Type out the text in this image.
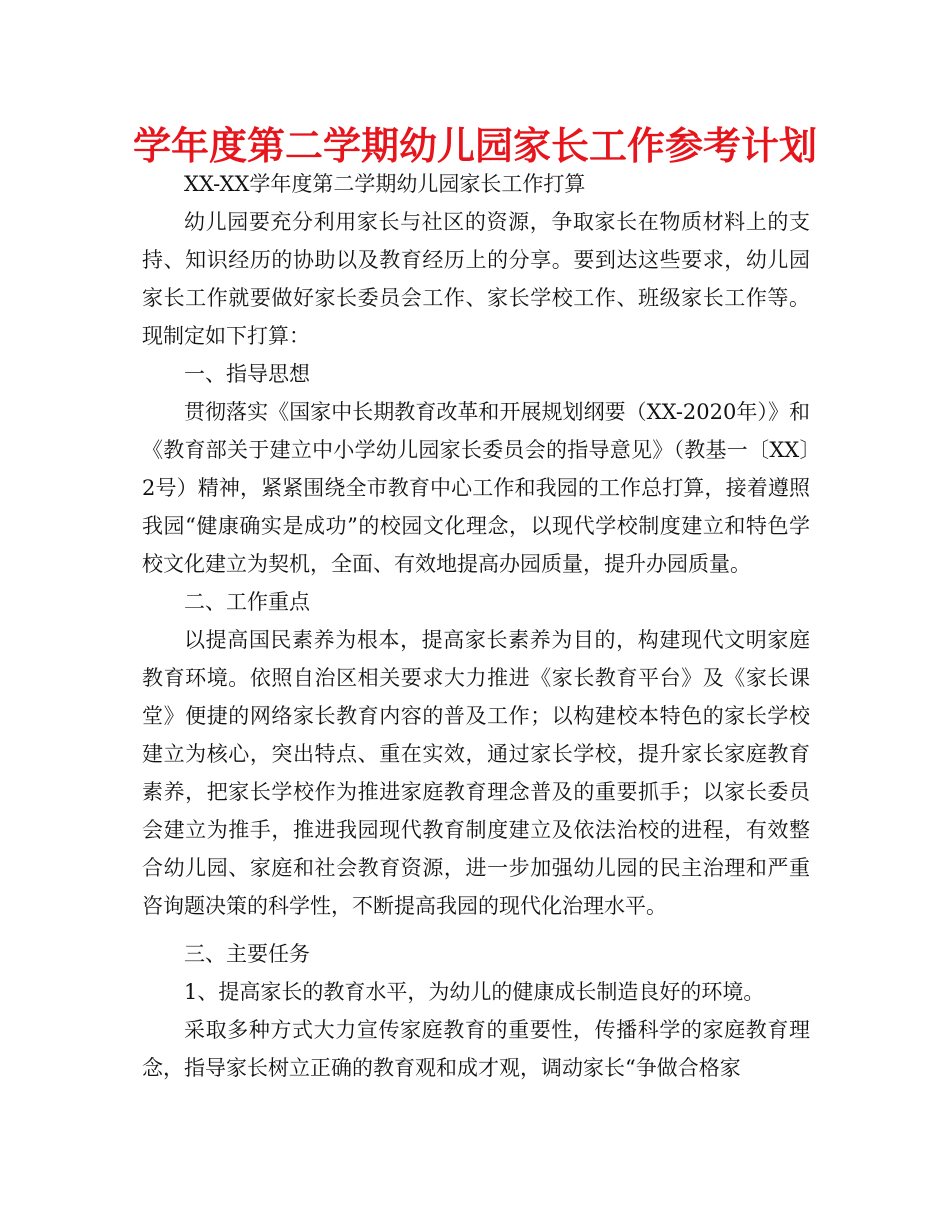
学年度第二学期幼儿园家长工作参考计划

XX-XX学年度第二学期幼儿园家长工作打算

幼儿园要充分利用家长与社区的资源，争取家长在物质材料上的支持、知识经历的协助以及教育经历上的分享。要到达这些要求，幼儿园家长工作就要做好家长委员会工作、家长学校工作、班级家长工作等。现制定如下打算：

一、指导思想

贯彻落实《国家中长期教育改革和开展规划纲要（XX-2020年）》和《教育部关于建立中小学幼儿园家长委员会的指导意见》（教基一〔XX〕2号）精神，紧紧围绕全市教育中心工作和我园的工作总打算，接着遵照我园“健康确实是成功”的校园文化理念，以现代学校制度建立和特色学校文化建立为契机，全面、有效地提高办园质量，提升办园质量。

二、工作重点

以提高国民素养为根本，提高家长素养为目的，构建现代文明家庭教育环境。依照自治区相关要求大力推进《家长教育平台》及《家长课堂》便捷的网络家长教育内容的普及工作；以构建校本特色的家长学校建立为核心，突出特点、重在实效，通过家长学校，提升家长家庭教育素养，把家长学校作为推进家庭教育理念普及的重要抓手；以家长委员会建立为推手，推进我园现代教育制度建立及依法治校的进程，有效整合幼儿园、家庭和社会教育资源，进一步加强幼儿园的民主治理和严重咨询题决策的科学性，不断提高我园的现代化治理水平。

三、主要任务

1、提高家长的教育水平，为幼儿的健康成长制造良好的环境。

采取多种方式大力宣传家庭教育的重要性，传播科学的家庭教育理念，指导家长树立正确的教育观和成才观，调动家长“争做合格家
